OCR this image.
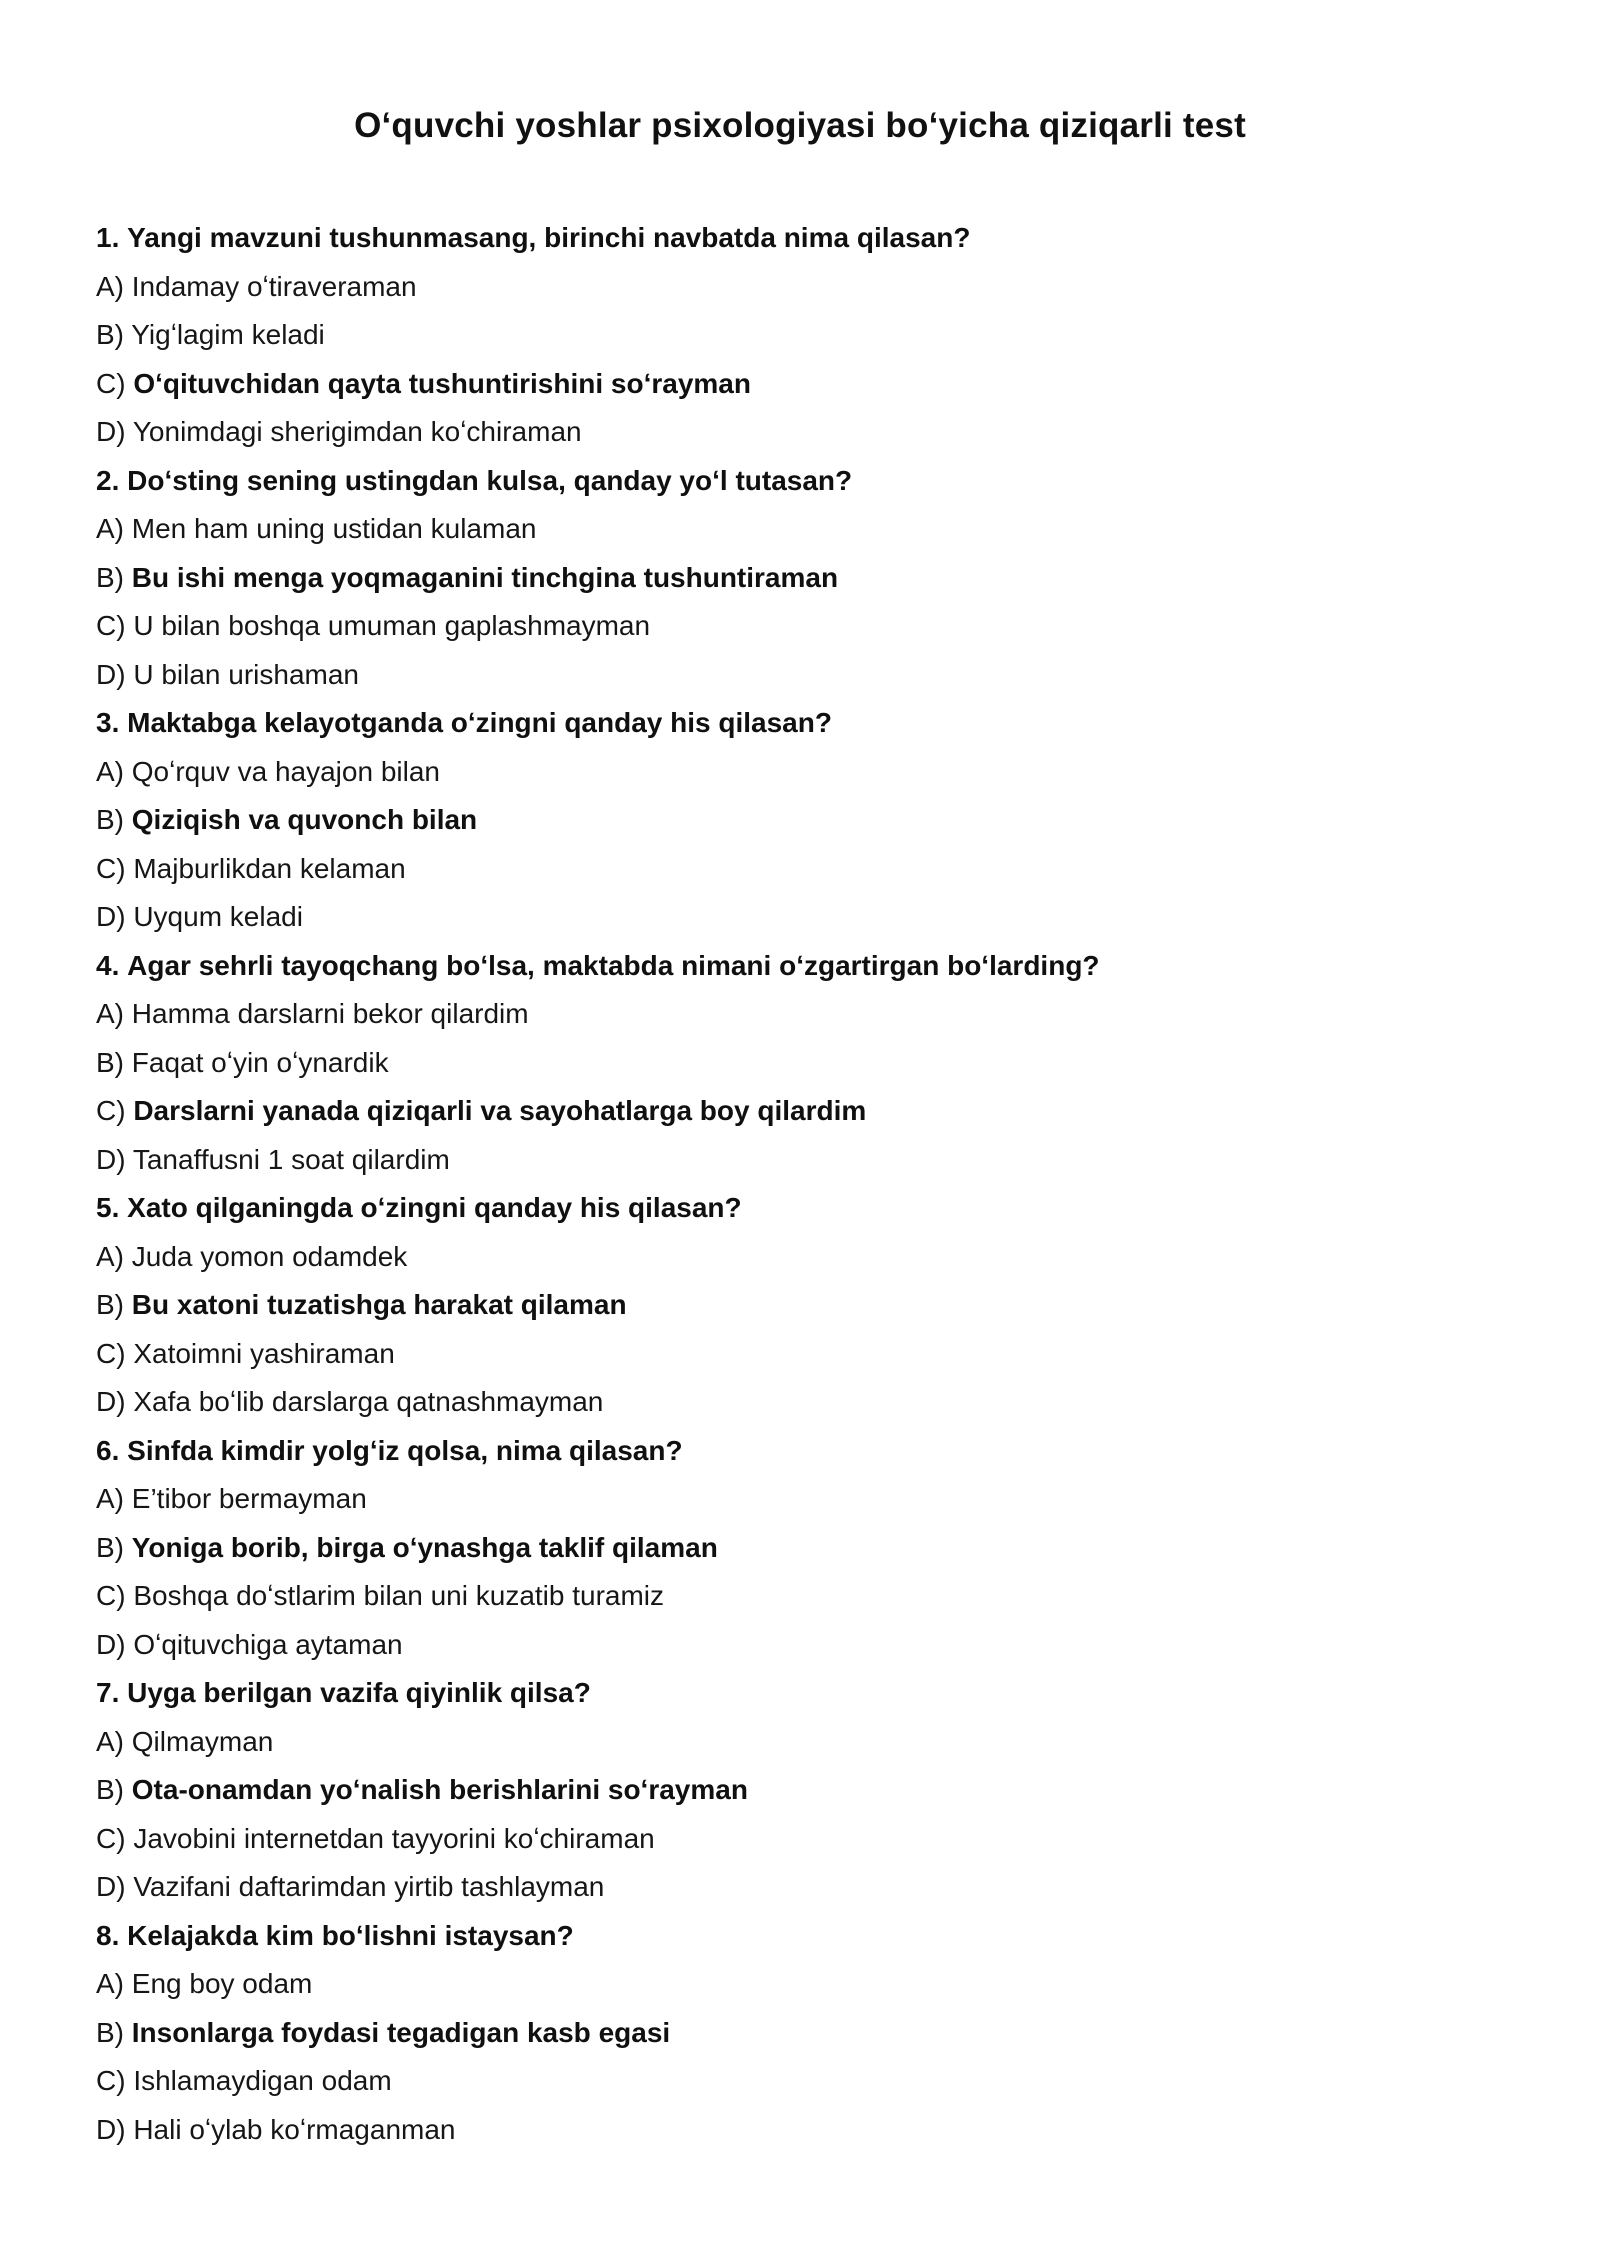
Oʻquvchi yoshlar psixologiyasi boʻyicha qiziqarli test

1. Yangi mavzuni tushunmasang, birinchi navbatda nima qilasan?

A) Indamay oʻtiraveraman

B) Yigʻlagim keladi

C) Oʻqituvchidan qayta tushuntirishini soʻrayman

D) Yonimdagi sherigimdan koʻchiraman

2. Doʻsting sening ustingdan kulsa, qanday yoʻl tutasan?

A) Men ham uning ustidan kulaman

B) Bu ishi menga yoqmaganini tinchgina tushuntiraman

C) U bilan boshqa umuman gaplashmayman

D) U bilan urishaman

3. Maktabga kelayotganda oʻzingni qanday his qilasan?

A) Qoʻrquv va hayajon bilan

B) Qiziqish va quvonch bilan

C) Majburlikdan kelaman

D) Uyqum keladi

4. Agar sehrli tayoqchang boʻlsa, maktabda nimani oʻzgartirgan boʻlarding?

A) Hamma darslarni bekor qilardim

B) Faqat oʻyin oʻynardik

C) Darslarni yanada qiziqarli va sayohatlarga boy qilardim

D) Tanaffusni 1 soat qilardim

5. Xato qilganingda oʻzingni qanday his qilasan?

A) Juda yomon odamdek

B) Bu xatoni tuzatishga harakat qilaman

C) Xatoimni yashiraman

D) Xafa boʻlib darslarga qatnashmayman

6. Sinfda kimdir yolgʻiz qolsa, nima qilasan?

A) E’tibor bermayman

B) Yoniga borib, birga oʻynashga taklif qilaman

C) Boshqa doʻstlarim bilan uni kuzatib turamiz

D) Oʻqituvchiga aytaman

7. Uyga berilgan vazifa qiyinlik qilsa?

A) Qilmayman

B) Ota-onamdan yoʻnalish berishlarini soʻrayman

C) Javobini internetdan tayyorini koʻchiraman

D) Vazifani daftarimdan yirtib tashlayman

8. Kelajakda kim boʻlishni istaysan?

A) Eng boy odam

B) Insonlarga foydasi tegadigan kasb egasi

C) Ishlamaydigan odam

D) Hali oʻylab koʻrmaganman
